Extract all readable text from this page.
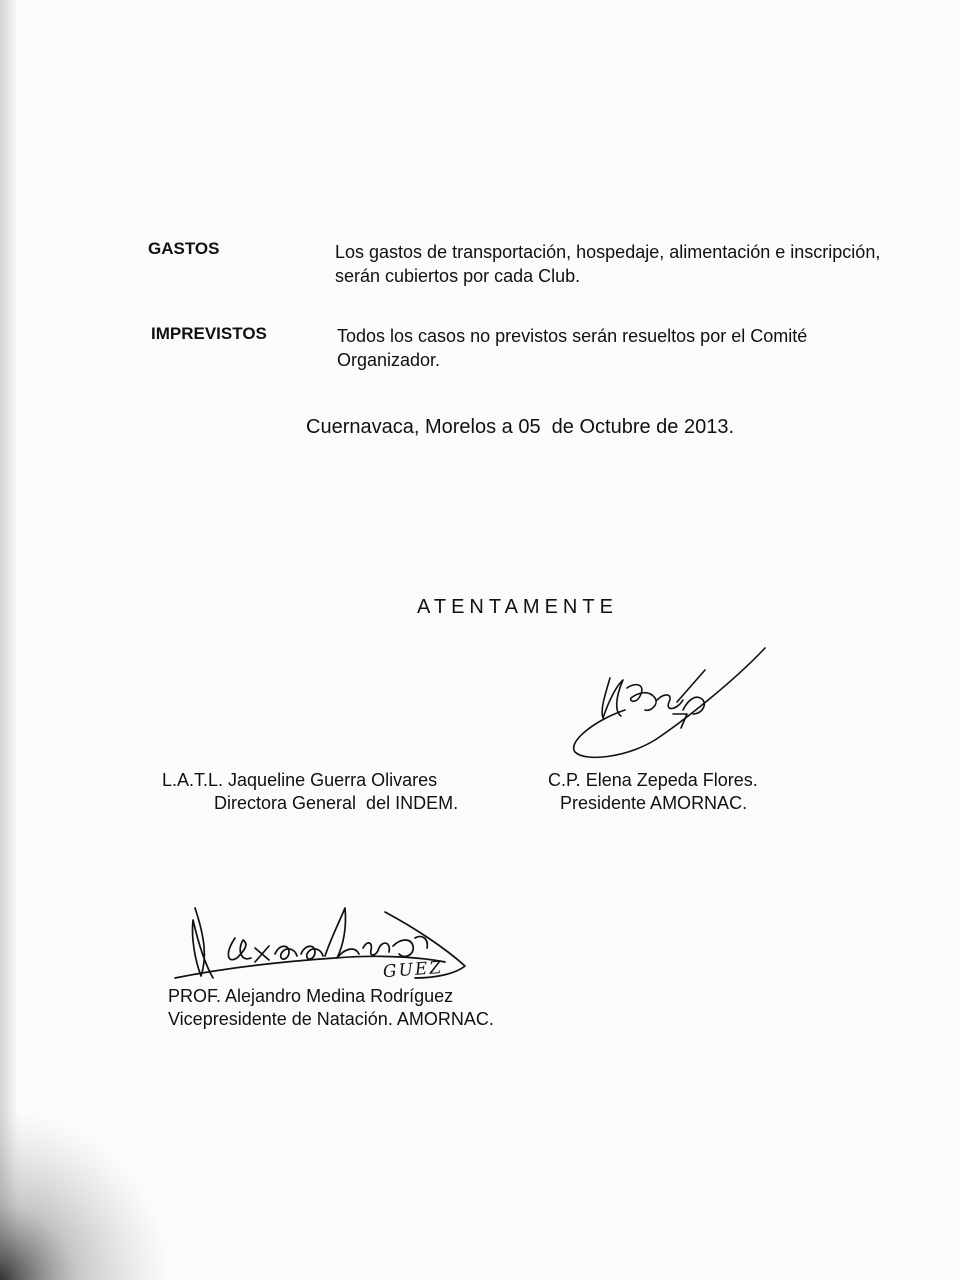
GASTOS	Los gastos de transportación, hospedaje, alimentación e inscripción,
serán cubiertos por cada Club.
IMPREVISTOS	Todos los casos no previstos serán resueltos por el Comité
Organizador.
Cuernavaca, Morelos a 05  de Octubre de 2013.
ATENTAMENTE
L.A.T.L. Jaqueline Guerra Olivares
Directora General  del INDEM.
C.P. Elena Zepeda Flores.
Presidente AMORNAC.
GUEZ
PROF. Alejandro Medina Rodríguez
Vicepresidente de Natación. AMORNAC.
